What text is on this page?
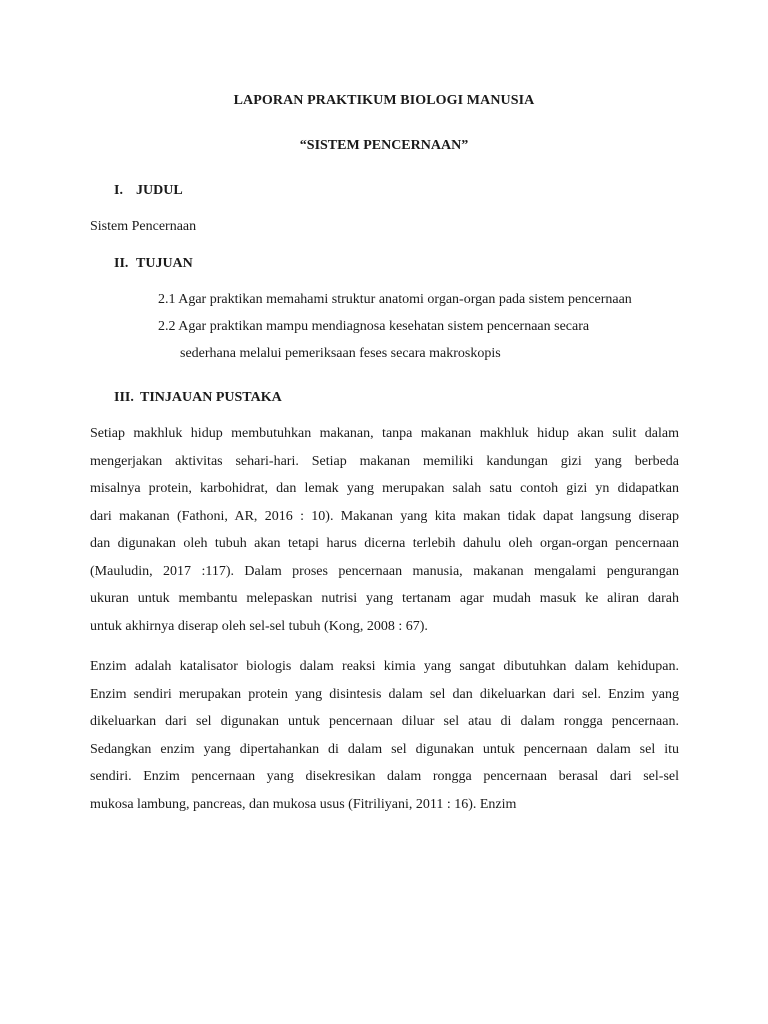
LAPORAN PRAKTIKUM BIOLOGI MANUSIA
“SISTEM PENCERNAAN”
I. JUDUL
Sistem Pencernaan
II. TUJUAN
2.1 Agar praktikan memahami struktur anatomi organ-organ pada sistem pencernaan
2.2 Agar praktikan mampu mendiagnosa kesehatan sistem pencernaan secara
sederhana melalui pemeriksaan feses secara makroskopis
III. TINJAUAN PUSTAKA
Setiap makhluk hidup membutuhkan makanan, tanpa makanan makhluk hidup akan sulit dalam
mengerjakan aktivitas sehari-hari. Setiap makanan memiliki kandungan gizi yang berbeda
misalnya protein, karbohidrat, dan lemak yang merupakan salah satu contoh gizi yn didapatkan
dari makanan (Fathoni, AR, 2016 : 10). Makanan yang kita makan tidak dapat langsung diserap
dan digunakan oleh tubuh akan tetapi harus dicerna terlebih dahulu oleh organ-organ pencernaan
(Mauludin, 2017 :117). Dalam proses pencernaan manusia, makanan mengalami pengurangan
ukuran untuk membantu melepaskan nutrisi yang tertanam agar mudah masuk ke aliran darah
untuk akhirnya diserap oleh sel-sel tubuh (Kong, 2008 : 67).
Enzim adalah katalisator biologis dalam reaksi kimia yang sangat dibutuhkan dalam kehidupan.
Enzim sendiri merupakan protein yang disintesis dalam sel dan dikeluarkan dari sel. Enzim yang
dikeluarkan dari sel digunakan untuk pencernaan diluar sel atau di dalam rongga pencernaan.
Sedangkan enzim yang dipertahankan di dalam sel digunakan untuk pencernaan dalam sel itu
sendiri. Enzim pencernaan yang disekresikan dalam rongga pencernaan berasal dari sel-sel
mukosa lambung, pancreas, dan mukosa usus (Fitriliyani, 2011 : 16). Enzim
